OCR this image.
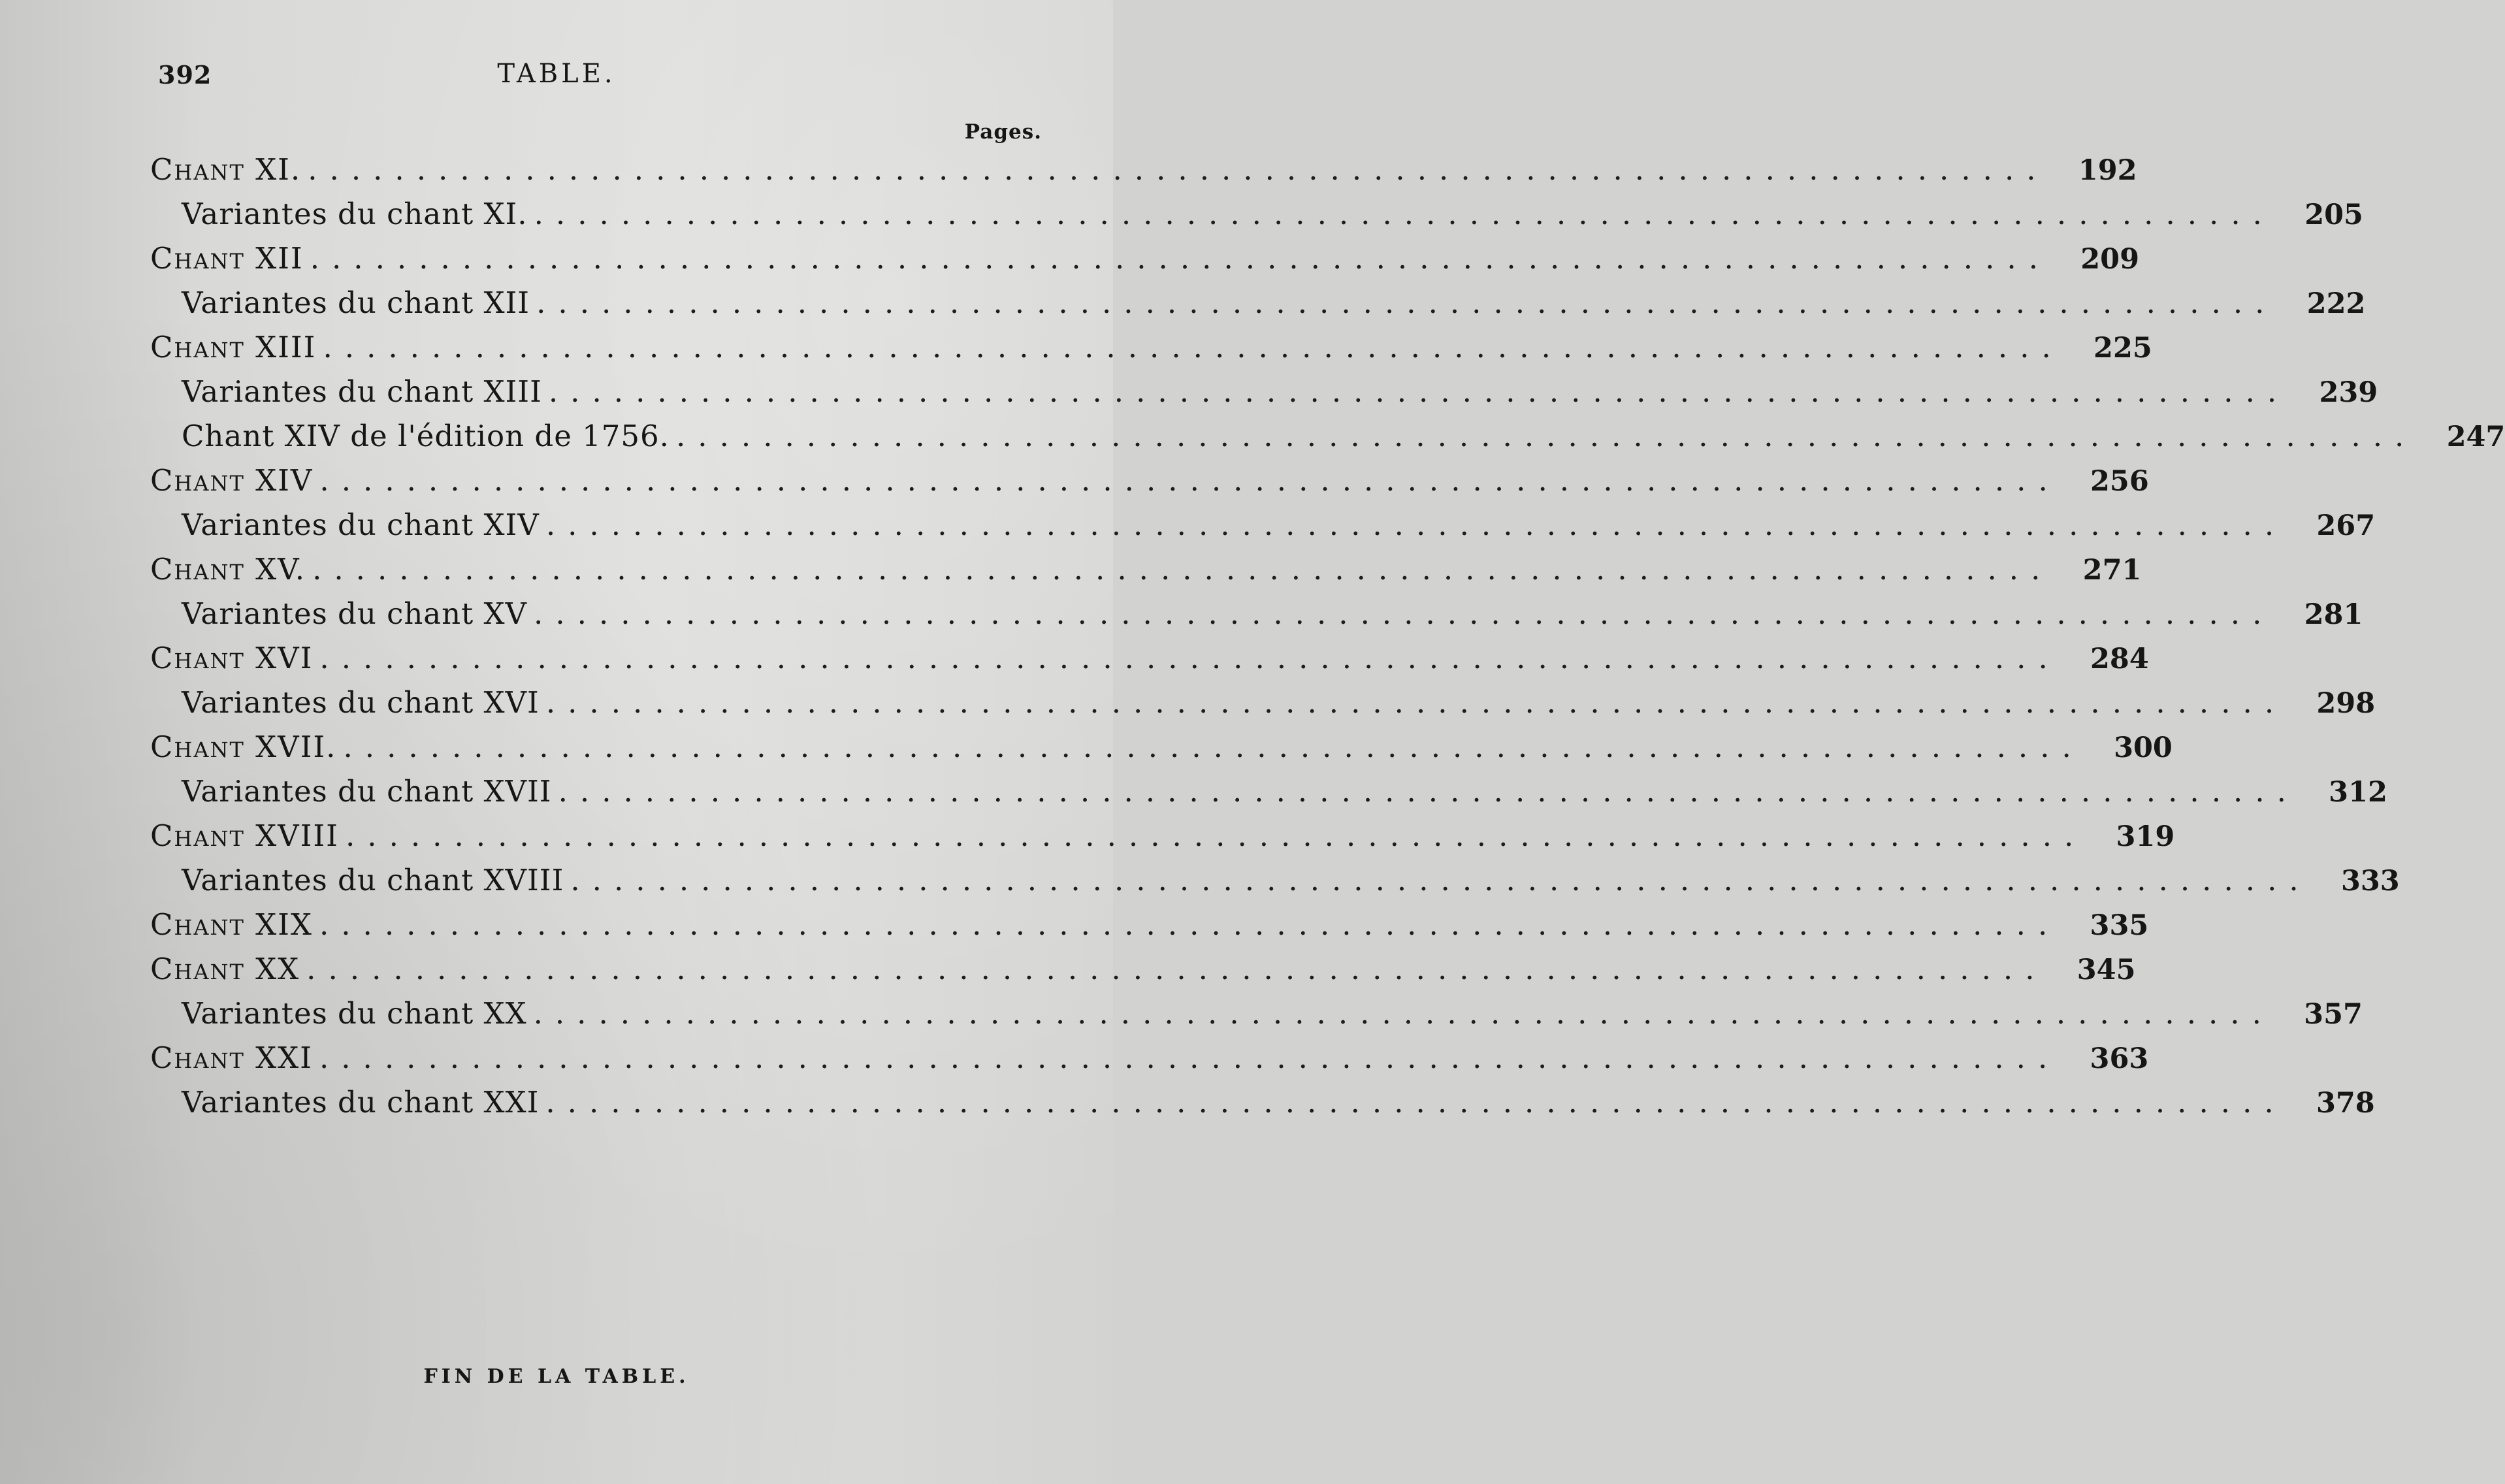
392	TABLE.
Pages.
Chant XI. ................................................................................	192
Variantes du chant XI. ................................................................................	205
Chant XII ................................................................................	209
Variantes du chant XII ................................................................................	222
Chant XIII ................................................................................	225
Variantes du chant XIII ................................................................................	239
Chant XIV de l'édition de 1756. ................................................................................	247
Chant XIV ................................................................................	256
Variantes du chant XIV ................................................................................	267
Chant XV. ................................................................................	271
Variantes du chant XV ................................................................................	281
Chant XVI ................................................................................	284
Variantes du chant XVI ................................................................................	298
Chant XVII. ................................................................................	300
Variantes du chant XVII ................................................................................	312
Chant XVIII ................................................................................	319
Variantes du chant XVIII ................................................................................	333
Chant XIX ................................................................................	335
Chant XX ................................................................................	345
Variantes du chant XX ................................................................................	357
Chant XXI ................................................................................	363
Variantes du chant XXI ................................................................................	378
FIN DE LA TABLE.
